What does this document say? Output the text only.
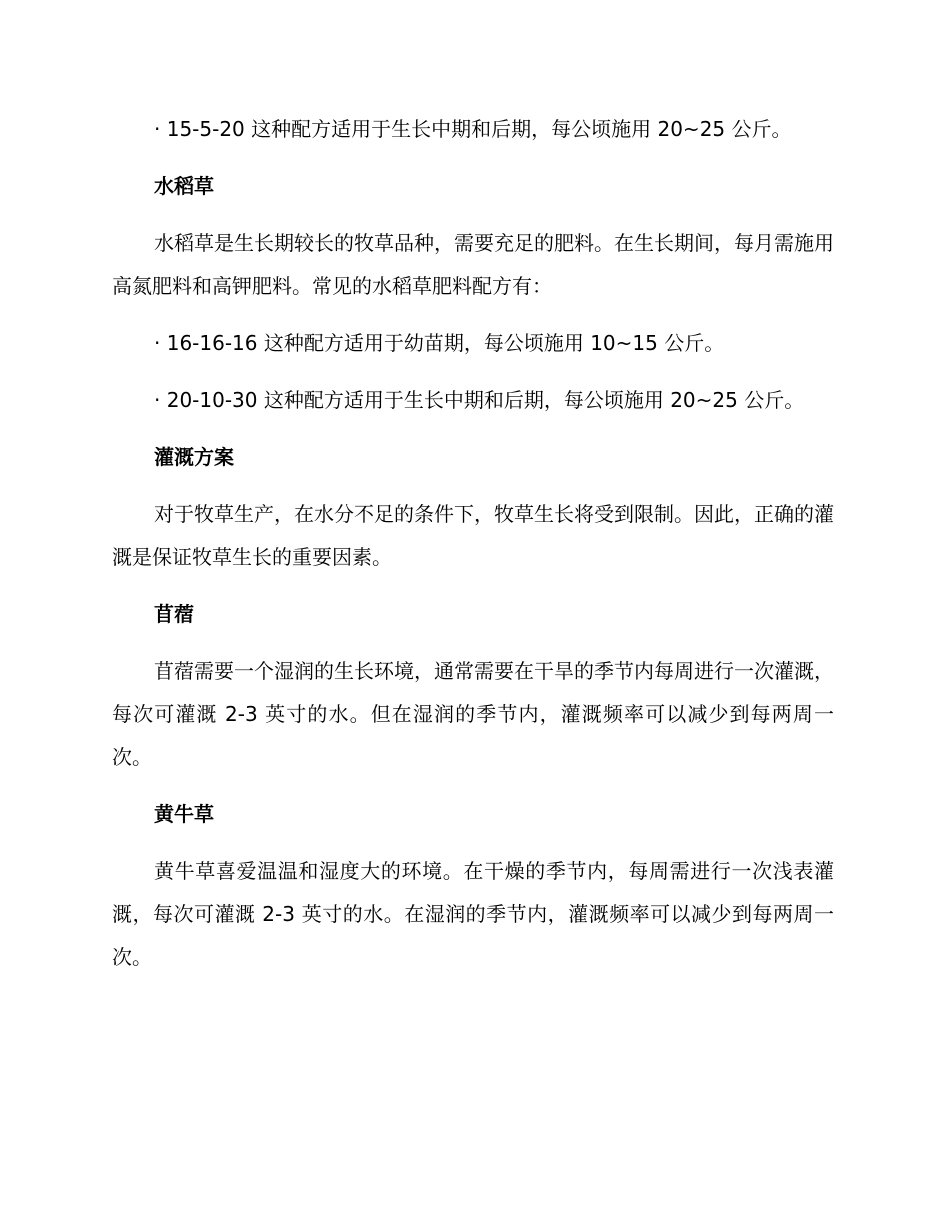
· 15-5-20 这种配方适用于生长中期和后期，每公顷施用 20~25 公斤。

水稻草

水稻草是生长期较长的牧草品种，需要充足的肥料。在生长期间，每月需施用高氮肥料和高钾肥料。常见的水稻草肥料配方有：

· 16-16-16 这种配方适用于幼苗期，每公顷施用 10~15 公斤。

· 20-10-30 这种配方适用于生长中期和后期，每公顷施用 20~25 公斤。

灌溉方案

对于牧草生产，在水分不足的条件下，牧草生长将受到限制。因此，正确的灌溉是保证牧草生长的重要因素。

苜蓿

苜蓿需要一个湿润的生长环境，通常需要在干旱的季节内每周进行一次灌溉，每次可灌溉 2-3 英寸的水。但在湿润的季节内，灌溉频率可以减少到每两周一次。

黄牛草

黄牛草喜爱温温和湿度大的环境。在干燥的季节内，每周需进行一次浅表灌溉，每次可灌溉 2-3 英寸的水。在湿润的季节内，灌溉频率可以减少到每两周一次。
